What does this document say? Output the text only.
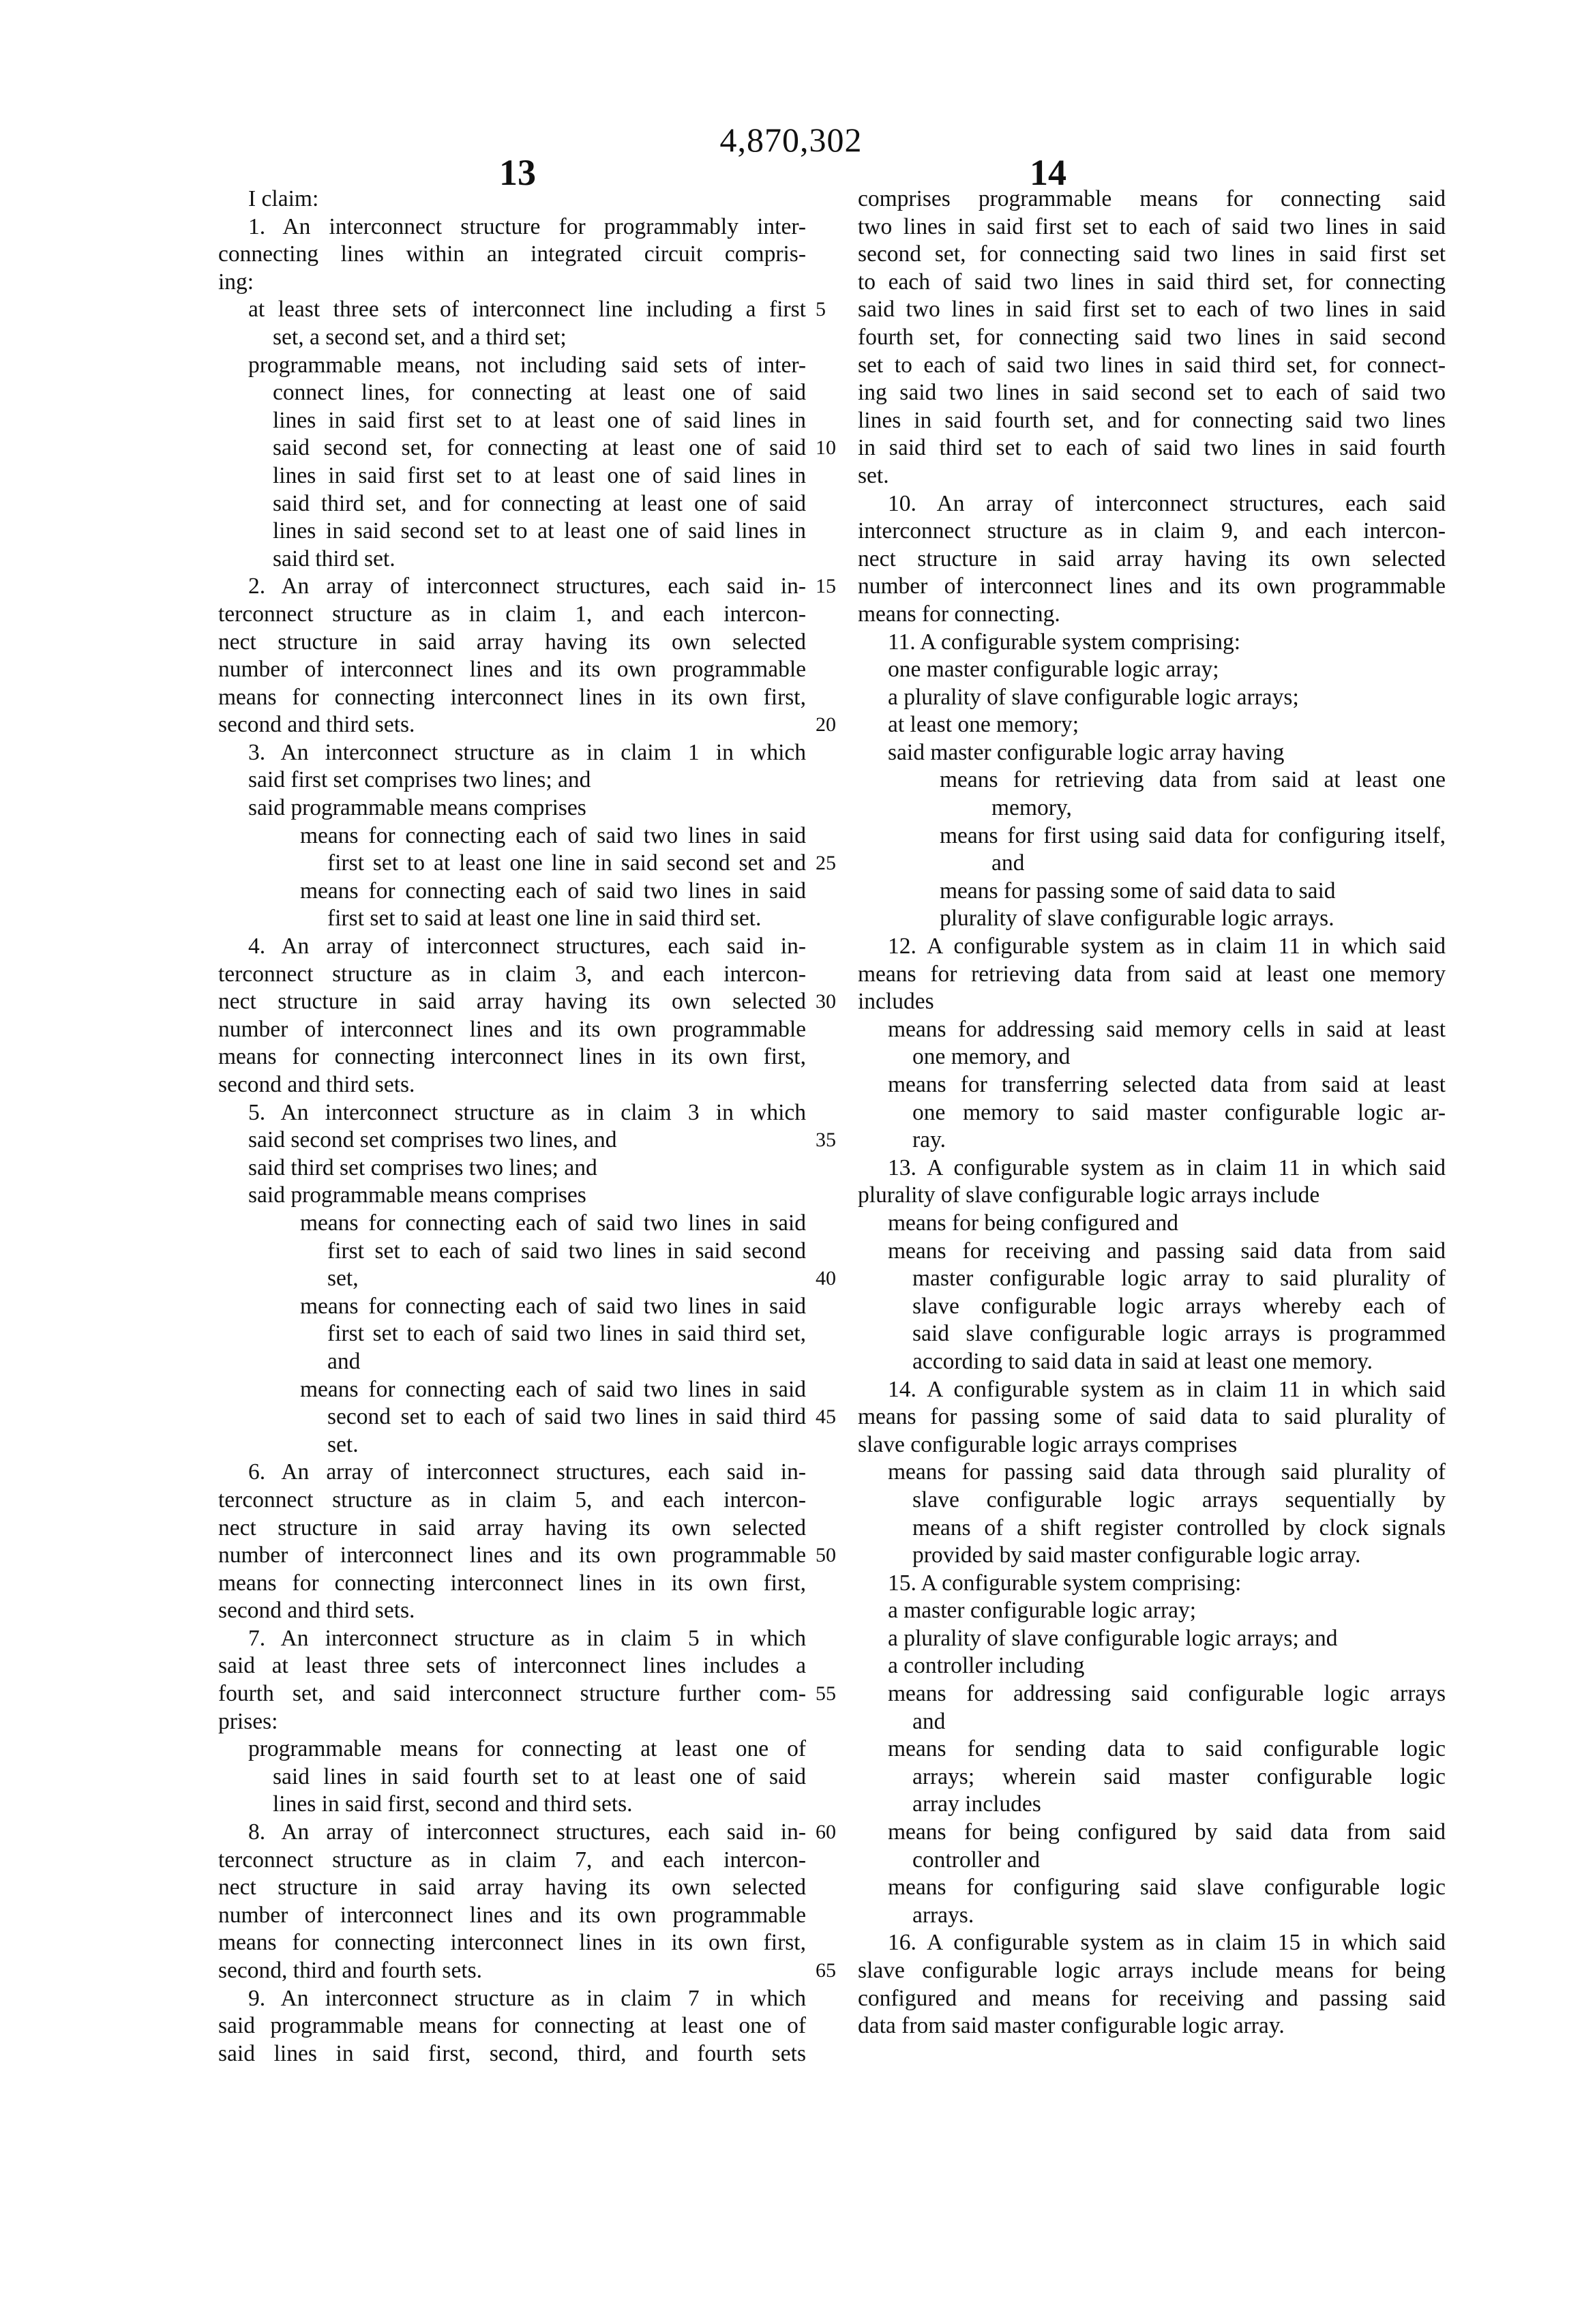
4,870,302
13	14
I claim:
1. An interconnect structure for programmably inter-
connecting lines within an integrated circuit compris-
ing:
at least three sets of interconnect line including a first
set, a second set, and a third set;
programmable means, not including said sets of inter-
connect lines, for connecting at least one of said
lines in said first set to at least one of said lines in
said second set, for connecting at least one of said
lines in said first set to at least one of said lines in
said third set, and for connecting at least one of said
lines in said second set to at least one of said lines in
said third set.
2. An array of interconnect structures, each said in-
terconnect structure as in claim 1, and each intercon-
nect structure in said array having its own selected
number of interconnect lines and its own programmable
means for connecting interconnect lines in its own first,
second and third sets.
3. An interconnect structure as in claim 1 in which
said first set comprises two lines; and
said programmable means comprises
means for connecting each of said two lines in said
first set to at least one line in said second set and
means for connecting each of said two lines in said
first set to said at least one line in said third set.
4. An array of interconnect structures, each said in-
terconnect structure as in claim 3, and each intercon-
nect structure in said array having its own selected
number of interconnect lines and its own programmable
means for connecting interconnect lines in its own first,
second and third sets.
5. An interconnect structure as in claim 3 in which
said second set comprises two lines, and
said third set comprises two lines; and
said programmable means comprises
means for connecting each of said two lines in said
first set to each of said two lines in said second
set,
means for connecting each of said two lines in said
first set to each of said two lines in said third set,
and
means for connecting each of said two lines in said
second set to each of said two lines in said third
set.
6. An array of interconnect structures, each said in-
terconnect structure as in claim 5, and each intercon-
nect structure in said array having its own selected
number of interconnect lines and its own programmable
means for connecting interconnect lines in its own first,
second and third sets.
7. An interconnect structure as in claim 5 in which
said at least three sets of interconnect lines includes a
fourth set, and said interconnect structure further com-
prises:
programmable means for connecting at least one of
said lines in said fourth set to at least one of said
lines in said first, second and third sets.
8. An array of interconnect structures, each said in-
terconnect structure as in claim 7, and each intercon-
nect structure in said array having its own selected
number of interconnect lines and its own programmable
means for connecting interconnect lines in its own first,
second, third and fourth sets.
9. An interconnect structure as in claim 7 in which
said programmable means for connecting at least one of
said lines in said first, second, third, and fourth sets
5
10
15
20
25
30
35
40
45
50
55
60
65
comprises programmable means for connecting said
two lines in said first set to each of said two lines in said
second set, for connecting said two lines in said first set
to each of said two lines in said third set, for connecting
said two lines in said first set to each of two lines in said
fourth set, for connecting said two lines in said second
set to each of said two lines in said third set, for connect-
ing said two lines in said second set to each of said two
lines in said fourth set, and for connecting said two lines
in said third set to each of said two lines in said fourth
set.
10. An array of interconnect structures, each said
interconnect structure as in claim 9, and each intercon-
nect structure in said array having its own selected
number of interconnect lines and its own programmable
means for connecting.
11. A configurable system comprising:
one master configurable logic array;
a plurality of slave configurable logic arrays;
at least one memory;
said master configurable logic array having
means for retrieving data from said at least one
memory,
means for first using said data for configuring itself,
and
means for passing some of said data to said
plurality of slave configurable logic arrays.
12. A configurable system as in claim 11 in which said
means for retrieving data from said at least one memory
includes
means for addressing said memory cells in said at least
one memory, and
means for transferring selected data from said at least
one memory to said master configurable logic ar-
ray.
13. A configurable system as in claim 11 in which said
plurality of slave configurable logic arrays include
means for being configured and
means for receiving and passing said data from said
master configurable logic array to said plurality of
slave configurable logic arrays whereby each of
said slave configurable logic arrays is programmed
according to said data in said at least one memory.
14. A configurable system as in claim 11 in which said
means for passing some of said data to said plurality of
slave configurable logic arrays comprises
means for passing said data through said plurality of
slave configurable logic arrays sequentially by
means of a shift register controlled by clock signals
provided by said master configurable logic array.
15. A configurable system comprising:
a master configurable logic array;
a plurality of slave configurable logic arrays; and
a controller including
means for addressing said configurable logic arrays
and
means for sending data to said configurable logic
arrays; wherein said master configurable logic
array includes
means for being configured by said data from said
controller and
means for configuring said slave configurable logic
arrays.
16. A configurable system as in claim 15 in which said
slave configurable logic arrays include means for being
configured and means for receiving and passing said
data from said master configurable logic array.
